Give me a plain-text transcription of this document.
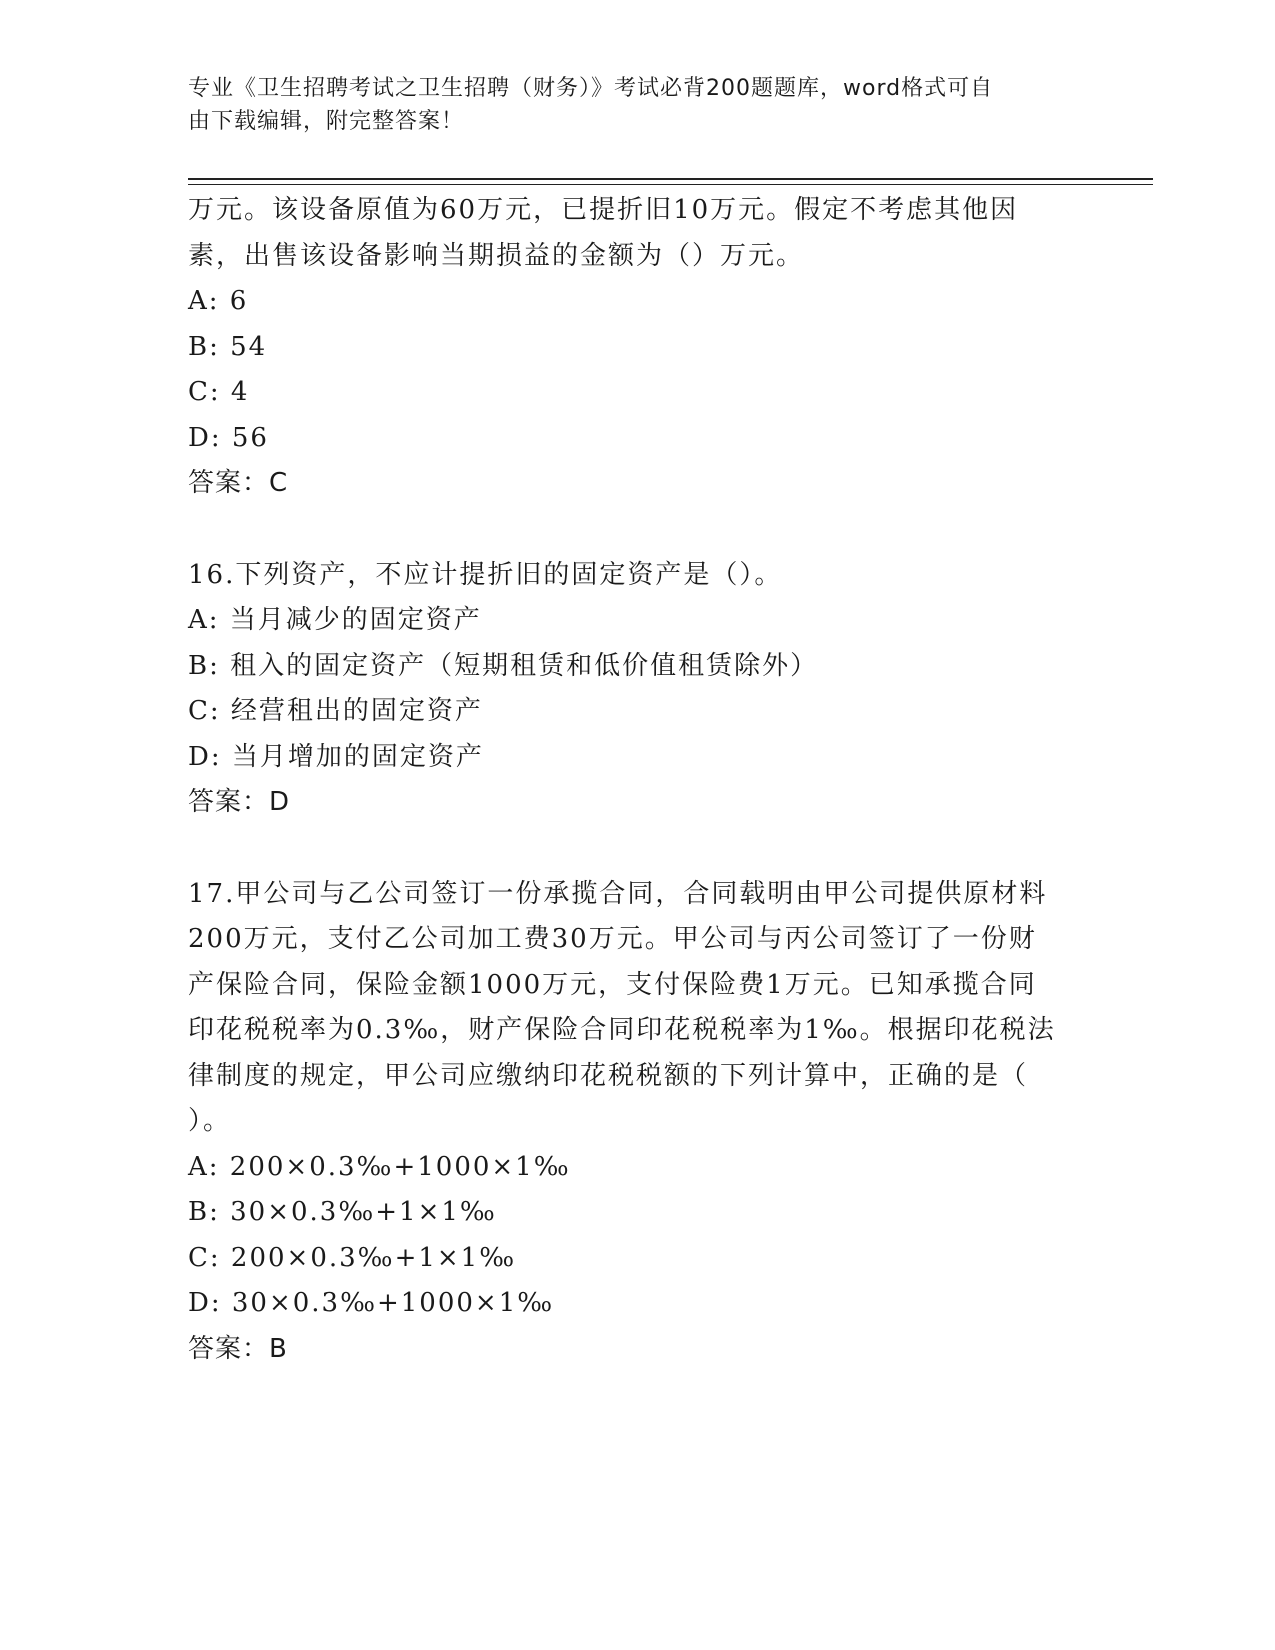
专业《卫生招聘考试之卫生招聘（财务）》考试必背200题题库，word格式可自
由下载编辑，附完整答案！
万元。该设备原值为60万元，已提折旧10万元。假定不考虑其他因
素，出售该设备影响当期损益的金额为（）万元。
A: 6
B: 54
C: 4
D: 56
答案：C
16.下列资产，不应计提折旧的固定资产是（）。
A: 当月减少的固定资产
B: 租入的固定资产（短期租赁和低价值租赁除外）
C: 经营租出的固定资产
D: 当月增加的固定资产
答案：D
17.甲公司与乙公司签订一份承揽合同，合同载明由甲公司提供原材料
200万元，支付乙公司加工费30万元。甲公司与丙公司签订了一份财
产保险合同，保险金额1000万元，支付保险费1万元。已知承揽合同
印花税税率为0.3‰，财产保险合同印花税税率为1‰。根据印花税法
律制度的规定，甲公司应缴纳印花税税额的下列计算中，正确的是（
）。
A: 200×0.3‰+1000×1‰
B: 30×0.3‰+1×1‰
C: 200×0.3‰+1×1‰
D: 30×0.3‰+1000×1‰
答案：B
